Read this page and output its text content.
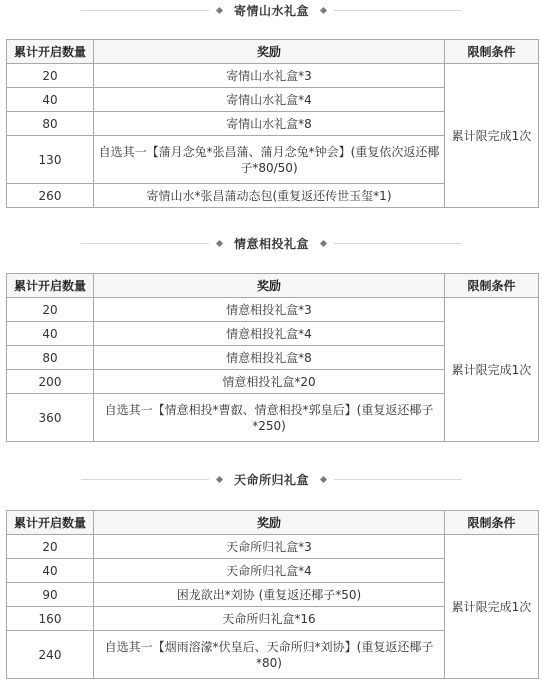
寄情山水礼盒
累计开启数量	奖励	限制条件
20	寄情山水礼盒*3	累计限完成1次
40	寄情山水礼盒*4	
80	寄情山水礼盒*8	
130	自选其一【蒲月念兔*张昌蒲、蒲月念兔*钟会】(重复依次返还椰子*80/50)	
260	寄情山水*张昌蒲动态包(重复返还传世玉玺*1)	
情意相投礼盒
累计开启数量	奖励	限制条件
20	情意相投礼盒*3	累计限完成1次
40	情意相投礼盒*4	
80	情意相投礼盒*8	
200	情意相投礼盒*20	
360	自选其一【情意相投*曹叡、情意相投*郭皇后】(重复返还椰子*250)	
天命所归礼盒
累计开启数量	奖励	限制条件
20	天命所归礼盒*3	累计限完成1次
40	天命所归礼盒*4	
90	困龙欲出*刘协 (重复返还椰子*50)	
160	天命所归礼盒*16	
240	自选其一【烟雨溶濛*伏皇后、天命所归*刘协】(重复返还椰子*80)	
